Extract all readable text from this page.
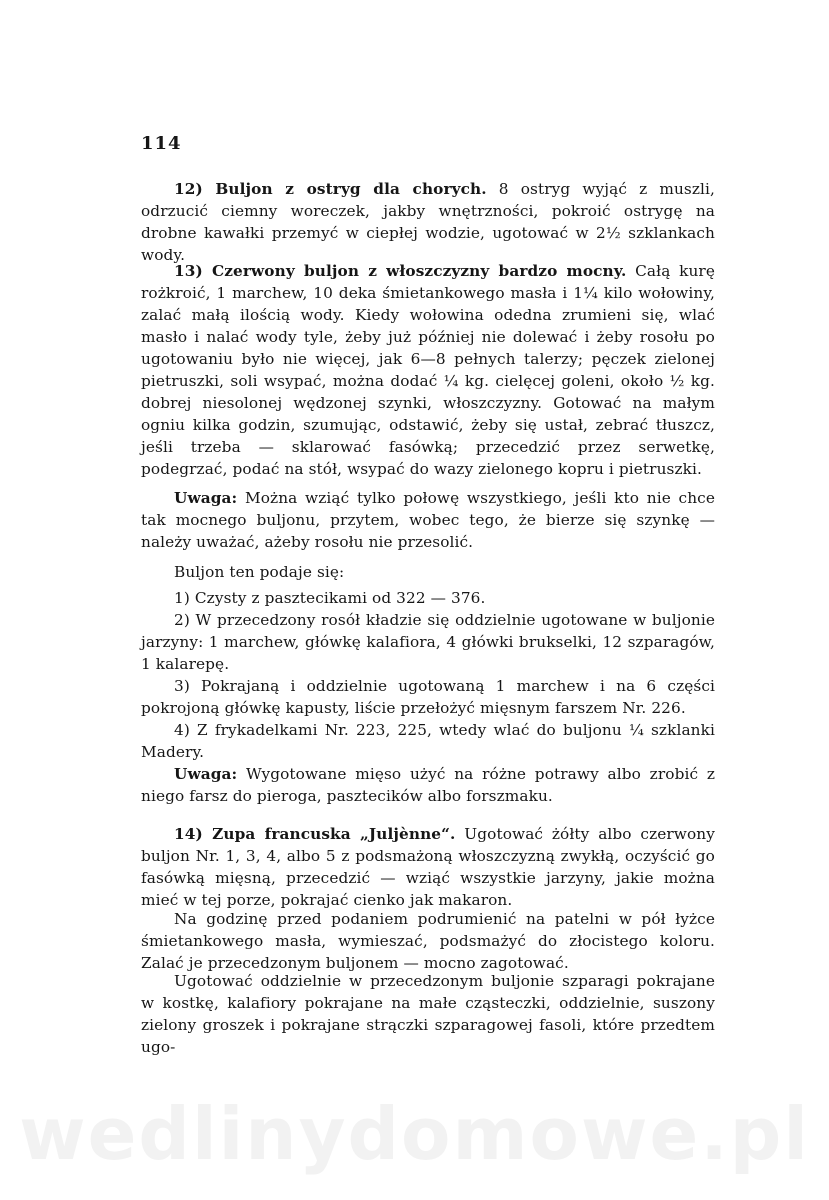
114

12) Buljon z ostryg dla chorych. 8 ostryg wyjąć z muszli, odrzucić ciemny woreczek, jakby wnętrzności, pokroić ostrygę na drobne kawałki przemyć w ciepłej wodzie, ugotować w 2½ szklankach wody.

13) Czerwony buljon z włoszczyzny bardzo mocny. Całą kurę rożkroić, 1 marchew, 10 deka śmietankowego masła i 1¼ kilo wołowiny, zalać małą ilością wody. Kiedy wołowina odedna zrumieni się, wlać masło i nalać wody tyle, żeby już później nie dolewać i żeby rosołu po ugotowaniu było nie więcej, jak 6—8 pełnych talerzy; pęczek zielonej pietruszki, soli wsypać, można dodać ¼ kg. cielęcej goleni, około ½ kg. dobrej niesolonej wędzonej szynki, włoszczyzny. Gotować na małym ogniu kilka godzin, szumując, odstawić, żeby się ustał, zebrać tłuszcz, jeśli trzeba — sklarować fasówką; przecedzić przez serwetkę, podegrzać, podać na stół, wsypać do wazy zielonego kopru i pietruszki.

Uwaga: Można wziąć tylko połowę wszystkiego, jeśli kto nie chce tak mocnego buljonu, przytem, wobec tego, że bierze się szynkę — należy uważać, ażeby rosołu nie przesolić.

Buljon ten podaje się:

1) Czysty z pasztecikami od 322 — 376.

2) W przecedzony rosół kładzie się oddzielnie ugotowane w buljonie jarzyny: 1 marchew, główkę kalafiora, 4 główki brukselki, 12 szparagów, 1 kalarepę.

3) Pokrajaną i oddzielnie ugotowaną 1 marchew i na 6 części pokrojoną główkę kapusty, liście przełożyć mięsnym farszem Nr. 226.

4) Z frykadelkami Nr. 223, 225, wtedy wlać do buljonu ¼ szklanki Madery.

Uwaga: Wygotowane mięso użyć na różne potrawy albo zrobić z niego farsz do pieroga, pasztecików albo forszmaku.

14) Zupa francuska „Juljènne“. Ugotować żółty albo czerwony buljon Nr. 1, 3, 4, albo 5 z podsmażoną włoszczyzną zwykłą, oczyścić go fasówką mięsną, przecedzić — wziąć wszystkie jarzyny, jakie można mieć w tej porze, pokrajać cienko jak makaron.

Na godzinę przed podaniem podrumienić na patelni w pół łyżce śmietankowego masła, wymieszać, podsmażyć do złocistego koloru. Zalać je przecedzonym buljonem — mocno zagotować.

Ugotować oddzielnie w przecedzonym buljonie szparagi pokrajane w kostkę, kalafiory pokrajane na małe cząsteczki, oddzielnie, suszony zielony groszek i pokrajane strączki szparagowej fasoli, które przedtem ugo-

wedlinydomowe.pl
